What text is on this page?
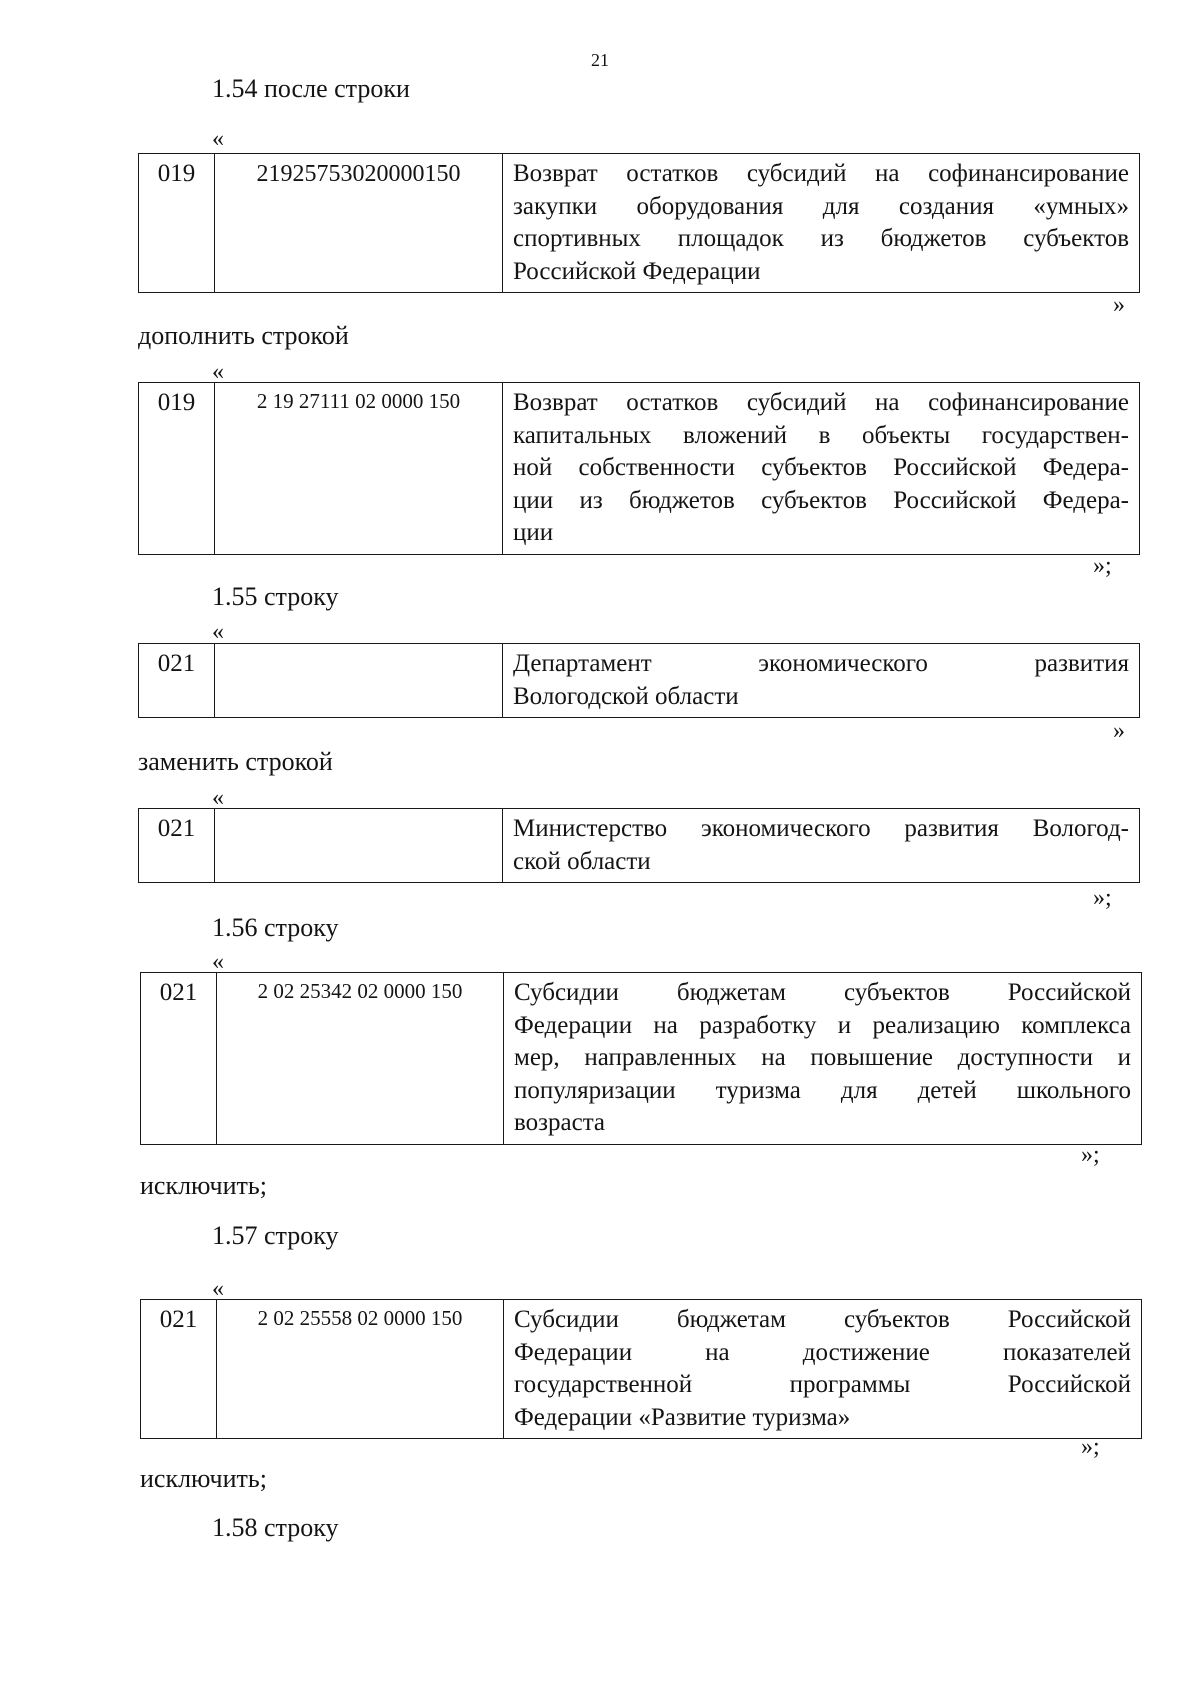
21
1.54 после строки
«
019	21925753020000150	Возврат остатков субсидий на софинансирование
закупки оборудования для создания «умных»
спортивных площадок из бюджетов субъектов
Российской Федерации
»
дополнить строкой
«
019	2 19 27111 02 0000 150	Возврат остатков субсидий на софинансирование
капитальных вложений в объекты государствен-
ной собственности субъектов Российской Федера-
ции из бюджетов субъектов Российской Федера-
ции
»;
1.55 строку
«
021		Департамент экономического развития
Вологодской области
»
заменить строкой
«
021		Министерство экономического развития Вологод-
ской области
»;
1.56 строку
«
021	2 02 25342 02 0000 150	Субсидии бюджетам субъектов Российской
Федерации на разработку и реализацию комплекса
мер, направленных на повышение доступности и
популяризации туризма для детей школьного
возраста
»;
исключить;
1.57 строку
«
021	2 02 25558 02 0000 150	Субсидии бюджетам субъектов Российской
Федерации на достижение показателей
государственной программы Российской
Федерации «Развитие туризма»
»;
исключить;
1.58 строку
